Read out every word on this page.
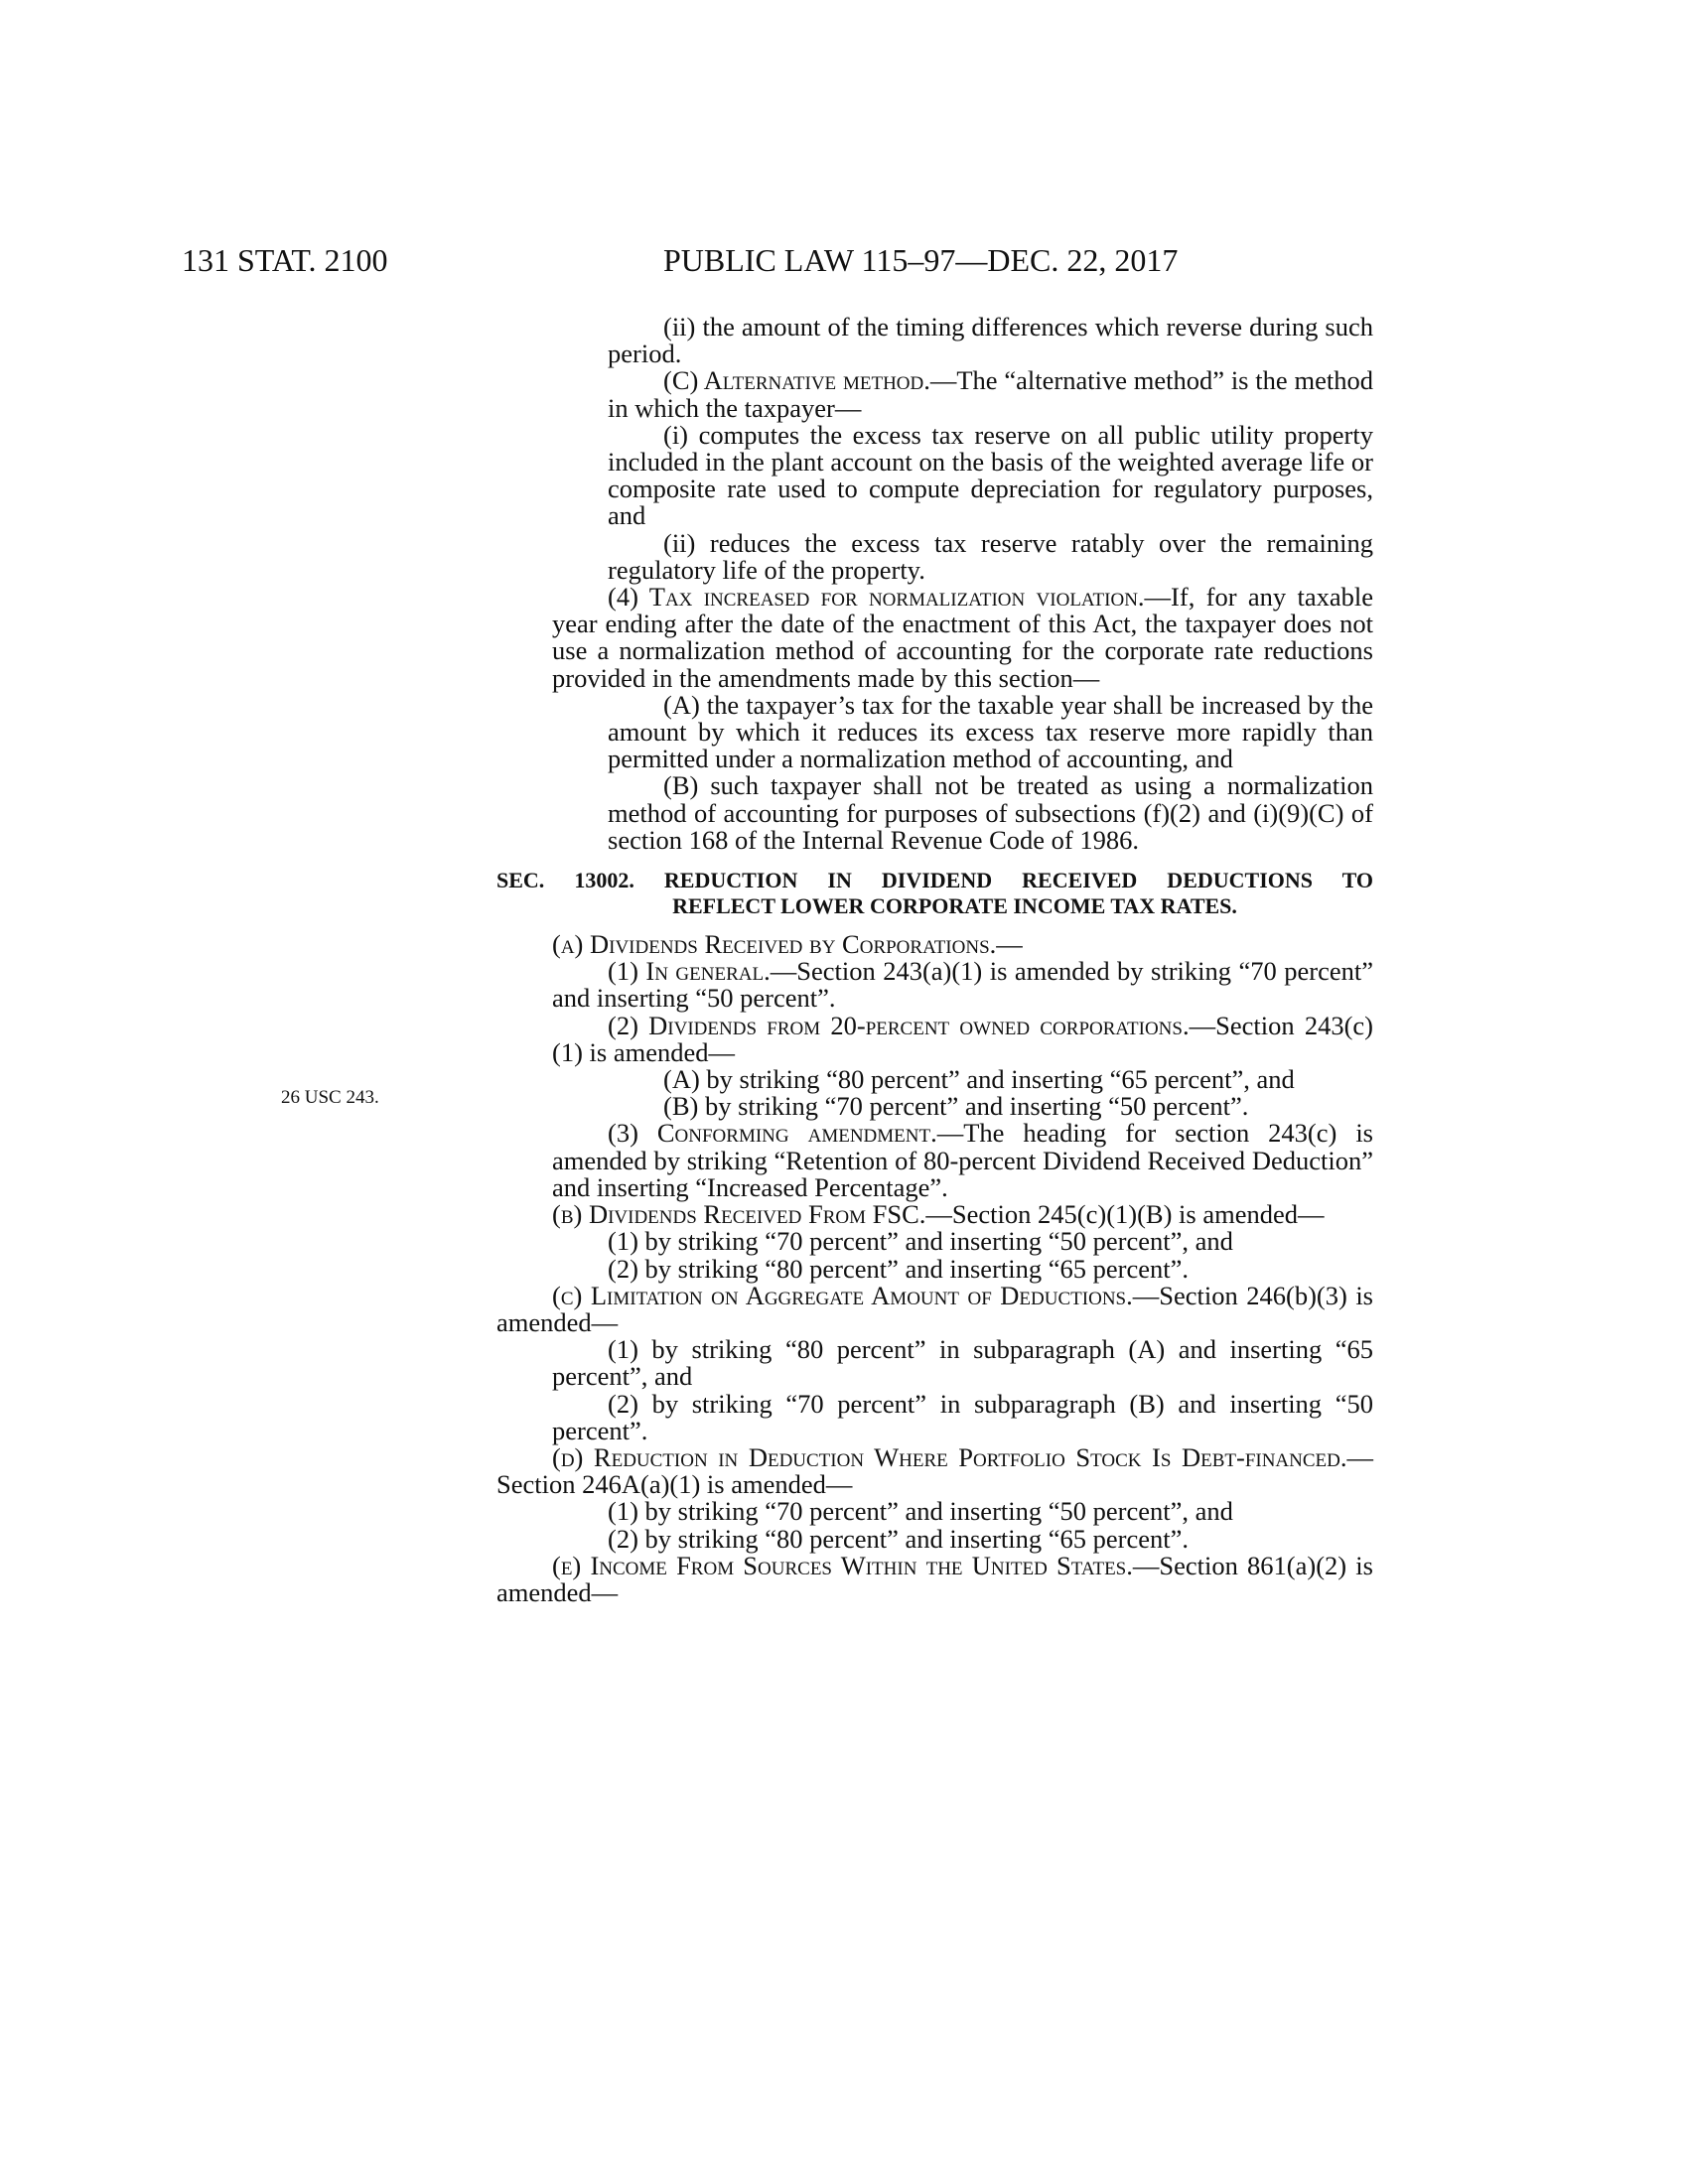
131 STAT. 2100	PUBLIC LAW 115–97—DEC. 22, 2017
26 USC 243.

(ii) the amount of the timing differences which reverse during such period.

(C) Alternative method.—The “alternative method” is the method in which the taxpayer—

(i) computes the excess tax reserve on all public utility property included in the plant account on the basis of the weighted average life or composite rate used to compute depreciation for regulatory purposes, and

(ii) reduces the excess tax reserve ratably over the remaining regulatory life of the property.

(4) Tax increased for normalization violation.—If, for any taxable year ending after the date of the enactment of this Act, the taxpayer does not use a normalization method of accounting for the corporate rate reductions provided in the amendments made by this section—

(A) the taxpayer’s tax for the taxable year shall be increased by the amount by which it reduces its excess tax reserve more rapidly than permitted under a normalization method of accounting, and

(B) such taxpayer shall not be treated as using a normalization method of accounting for purposes of subsections (f)(2) and (i)(9)(C) of section 168 of the Internal Revenue Code of 1986.

SEC. 13002. REDUCTION IN DIVIDEND RECEIVED DEDUCTIONS TO
REFLECT LOWER CORPORATE INCOME TAX RATES.

(a) Dividends Received by Corporations.—

(1) In general.—Section 243(a)(1) is amended by striking “70 percent” and inserting “50 percent”.

(2) Dividends from 20-percent owned corporations.—Section 243(c)(1) is amended—

(A) by striking “80 percent” and inserting “65 percent”, and

(B) by striking “70 percent” and inserting “50 percent”.

(3) Conforming amendment.—The heading for section 243(c) is amended by striking “Retention of 80-percent Dividend Received Deduction” and inserting “Increased Percentage”.

(b) Dividends Received From FSC.—Section 245(c)(1)(B) is amended—

(1) by striking “70 percent” and inserting “50 percent”, and

(2) by striking “80 percent” and inserting “65 percent”.

(c) Limitation on Aggregate Amount of Deductions.—Section 246(b)(3) is amended—

(1) by striking “80 percent” in subparagraph (A) and inserting “65 percent”, and

(2) by striking “70 percent” in subparagraph (B) and inserting “50 percent”.

(d) Reduction in Deduction Where Portfolio Stock Is Debt-financed.—Section 246A(a)(1) is amended—

(1) by striking “70 percent” and inserting “50 percent”, and

(2) by striking “80 percent” and inserting “65 percent”.

(e) Income From Sources Within the United States.—Section 861(a)(2) is amended—
